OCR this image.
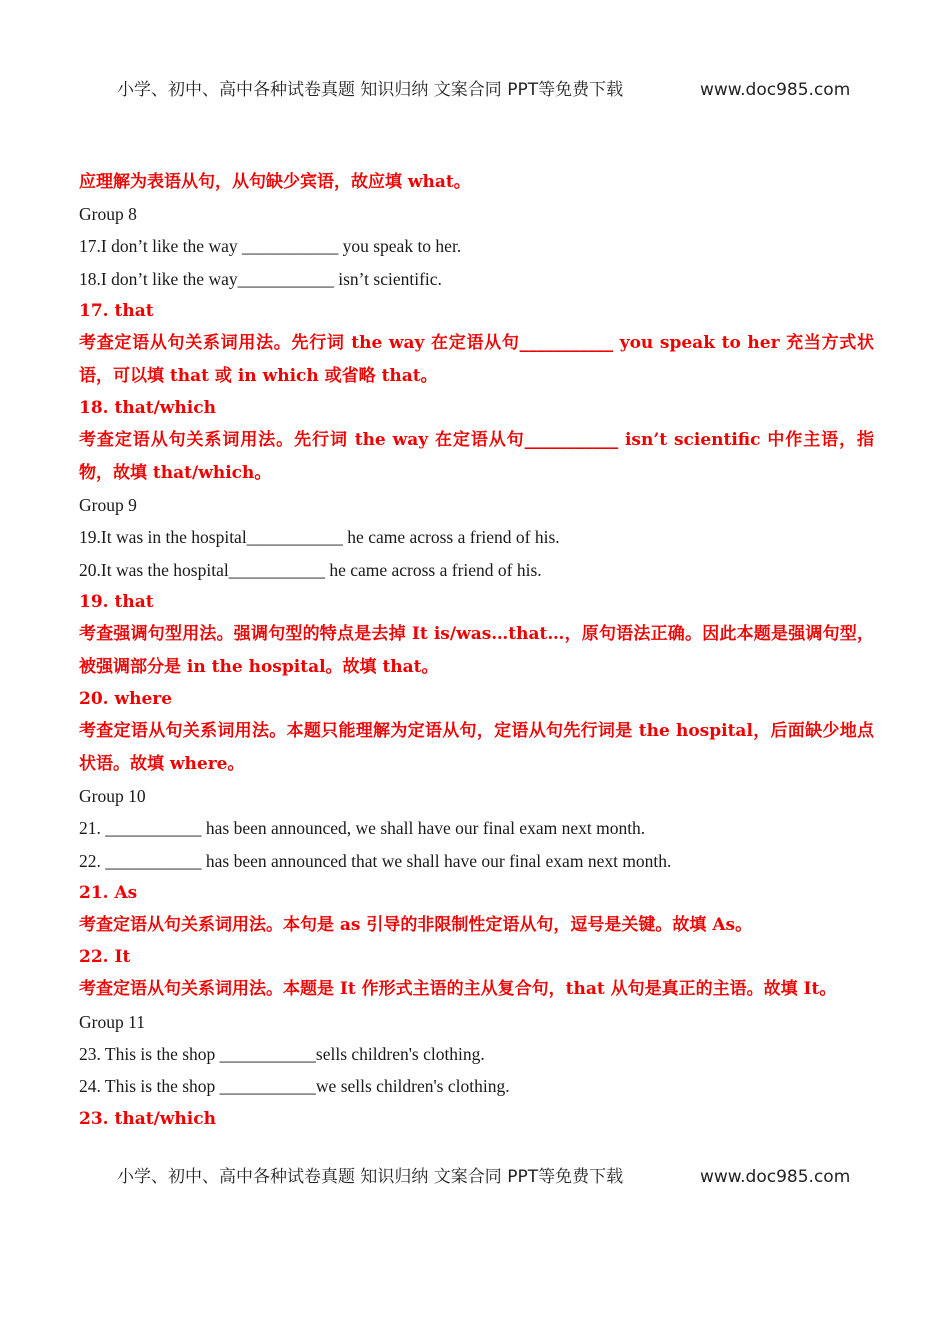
小学、初中、高中各种试卷真题 知识归纳 文案合同 PPT等免费下载	www.doc985.com
应理解为表语从句，从句缺少宾语，故应填 what。
Group 8
17.I don’t like the way ___________ you speak to her.
18.I don’t like the way___________ isn’t scientific.
17. that
考查定语从句关系词用法。先行词 the way 在定语从句___________ you speak to her 充当方式状语，可以填 that 或 in which 或省略 that。
18. that/which
考查定语从句关系词用法。先行词 the way 在定语从句___________ isn’t scientific 中作主语，指物，故填 that/which。
Group 9
19.It was in the hospital___________ he came across a friend of his.
20.It was the hospital___________ he came across a friend of his.
19. that
考查强调句型用法。强调句型的特点是去掉 It is/was…that…，原句语法正确。因此本题是强调句型，被强调部分是 in the hospital。故填 that。
20. where
考查定语从句关系词用法。本题只能理解为定语从句，定语从句先行词是 the hospital，后面缺少地点状语。故填 where。
Group 10
21. ___________ has been announced, we shall have our final exam next month.
22. ___________ has been announced that we shall have our final exam next month.
21. As
考查定语从句关系词用法。本句是 as 引导的非限制性定语从句，逗号是关键。故填 As。
22. It
考查定语从句关系词用法。本题是 It 作形式主语的主从复合句，that 从句是真正的主语。故填 It。
Group 11
23. This is the shop ___________sells children's clothing.
24. This is the shop ___________we sells children's clothing.
23. that/which
小学、初中、高中各种试卷真题 知识归纳 文案合同 PPT等免费下载	www.doc985.com
